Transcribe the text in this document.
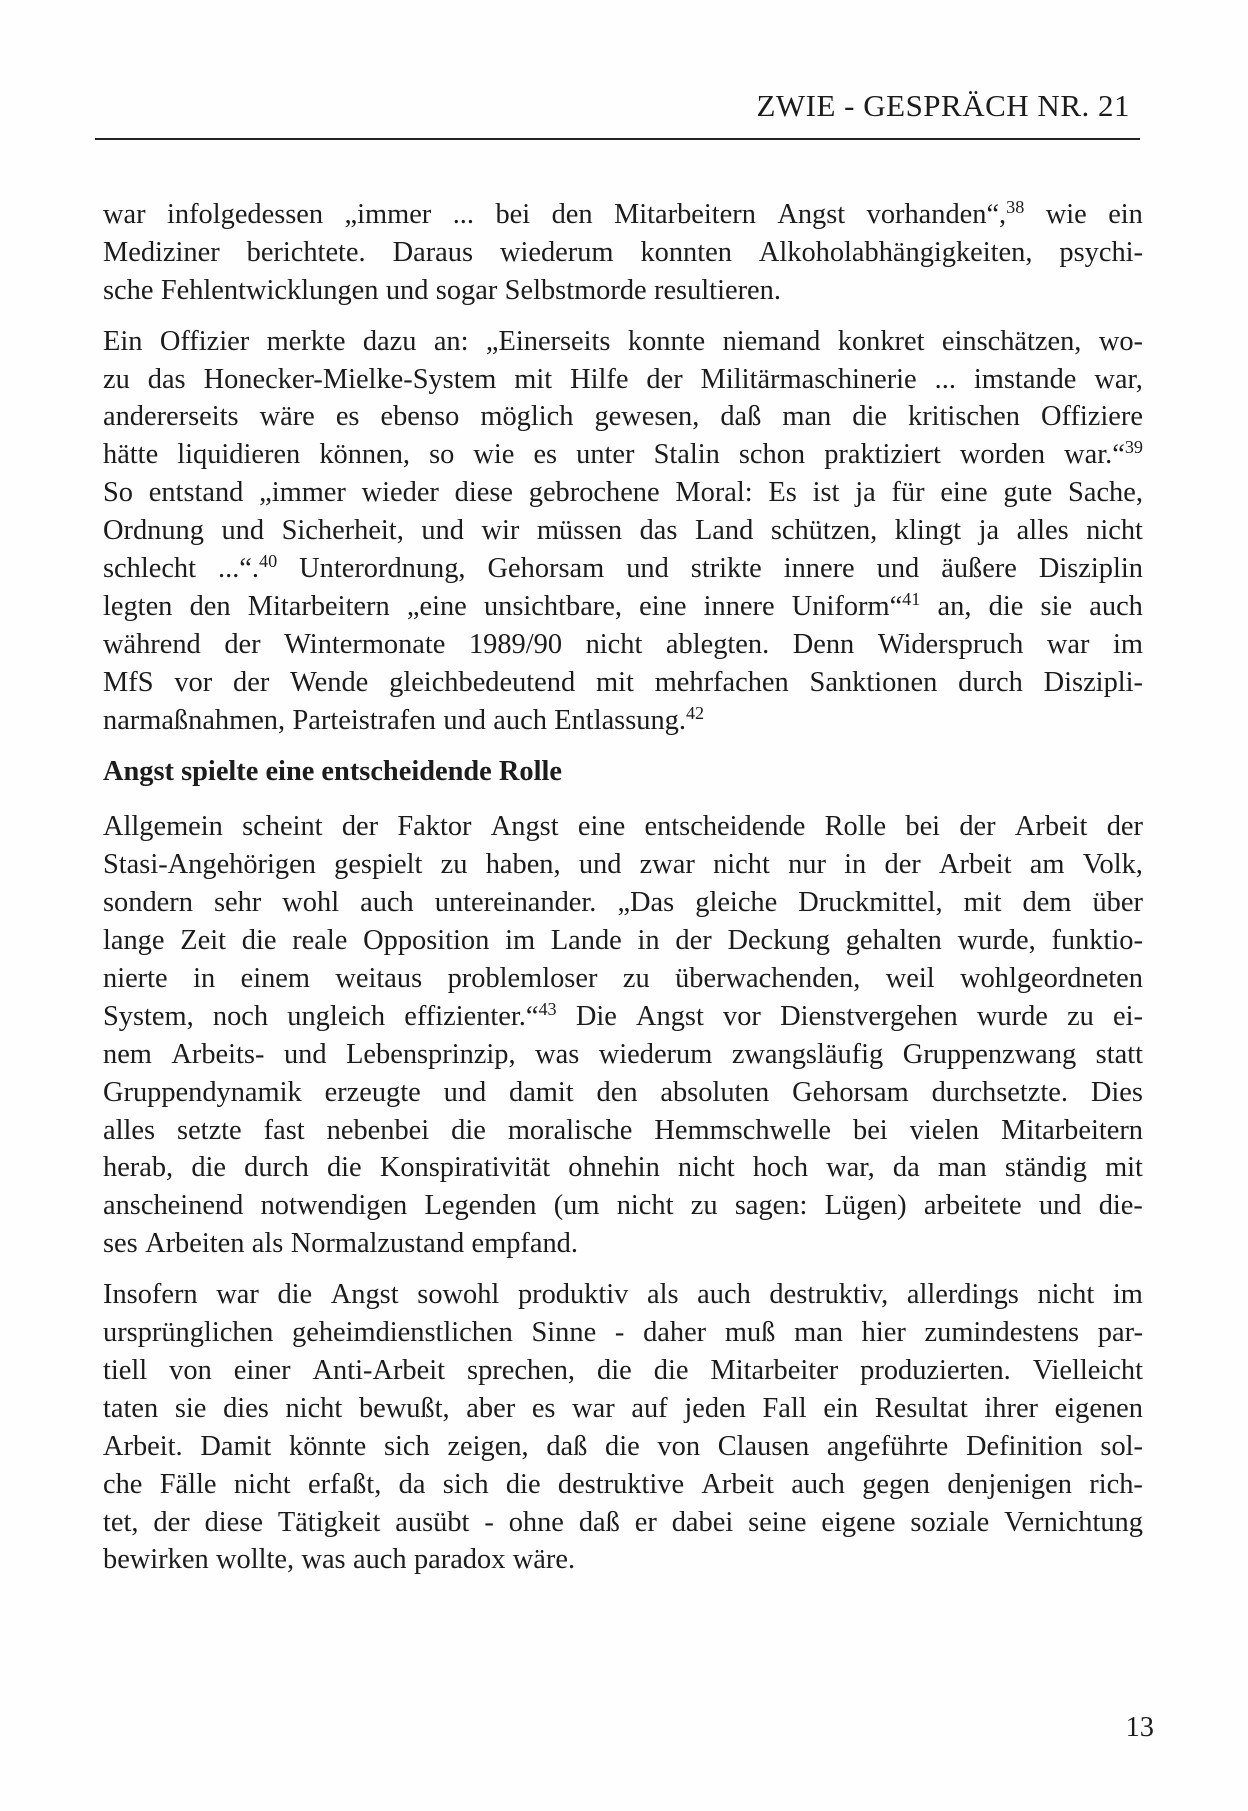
ZWIE - GESPRÄCH NR. 21
war infolgedessen „immer ... bei den Mitarbeitern Angst vorhanden“,$^{38}$ wie ein
Mediziner berichtete. Daraus wiederum konnten Alkoholabhängigkeiten, psychi-
sche Fehlentwicklungen und sogar Selbstmorde resultieren.
Ein Offizier merkte dazu an: „Einerseits konnte niemand konkret einschätzen, wo-
zu das Honecker-Mielke-System mit Hilfe der Militärmaschinerie ... imstande war,
andererseits wäre es ebenso möglich gewesen, daß man die kritischen Offiziere
hätte liquidieren können, so wie es unter Stalin schon praktiziert worden war.“$^{39}$
So entstand „immer wieder diese gebrochene Moral: Es ist ja für eine gute Sache,
Ordnung und Sicherheit, und wir müssen das Land schützen, klingt ja alles nicht
schlecht ...“.$^{40}$ Unterordnung, Gehorsam und strikte innere und äußere Disziplin
legten den Mitarbeitern „eine unsichtbare, eine innere Uniform“$^{41}$ an, die sie auch
während der Wintermonate 1989/90 nicht ablegten. Denn Widerspruch war im
MfS vor der Wende gleichbedeutend mit mehrfachen Sanktionen durch Diszipli-
narmaßnahmen, Parteistrafen und auch Entlassung.$^{42}$
Angst spielte eine entscheidende Rolle
Allgemein scheint der Faktor Angst eine entscheidende Rolle bei der Arbeit der
Stasi-Angehörigen gespielt zu haben, und zwar nicht nur in der Arbeit am Volk,
sondern sehr wohl auch untereinander. „Das gleiche Druckmittel, mit dem über
lange Zeit die reale Opposition im Lande in der Deckung gehalten wurde, funktio-
nierte in einem weitaus problemloser zu überwachenden, weil wohlgeordneten
System, noch ungleich effizienter.“$^{43}$ Die Angst vor Dienstvergehen wurde zu ei-
nem Arbeits- und Lebensprinzip, was wiederum zwangsläufig Gruppenzwang statt
Gruppendynamik erzeugte und damit den absoluten Gehorsam durchsetzte. Dies
alles setzte fast nebenbei die moralische Hemmschwelle bei vielen Mitarbeitern
herab, die durch die Konspirativität ohnehin nicht hoch war, da man ständig mit
anscheinend notwendigen Legenden (um nicht zu sagen: Lügen) arbeitete und die-
ses Arbeiten als Normalzustand empfand.
Insofern war die Angst sowohl produktiv als auch destruktiv, allerdings nicht im
ursprünglichen geheimdienstlichen Sinne - daher muß man hier zumindestens par-
tiell von einer Anti-Arbeit sprechen, die die Mitarbeiter produzierten. Vielleicht
taten sie dies nicht bewußt, aber es war auf jeden Fall ein Resultat ihrer eigenen
Arbeit. Damit könnte sich zeigen, daß die von Clausen angeführte Definition sol-
che Fälle nicht erfaßt, da sich die destruktive Arbeit auch gegen denjenigen rich-
tet, der diese Tätigkeit ausübt - ohne daß er dabei seine eigene soziale Vernichtung
bewirken wollte, was auch paradox wäre.
13
